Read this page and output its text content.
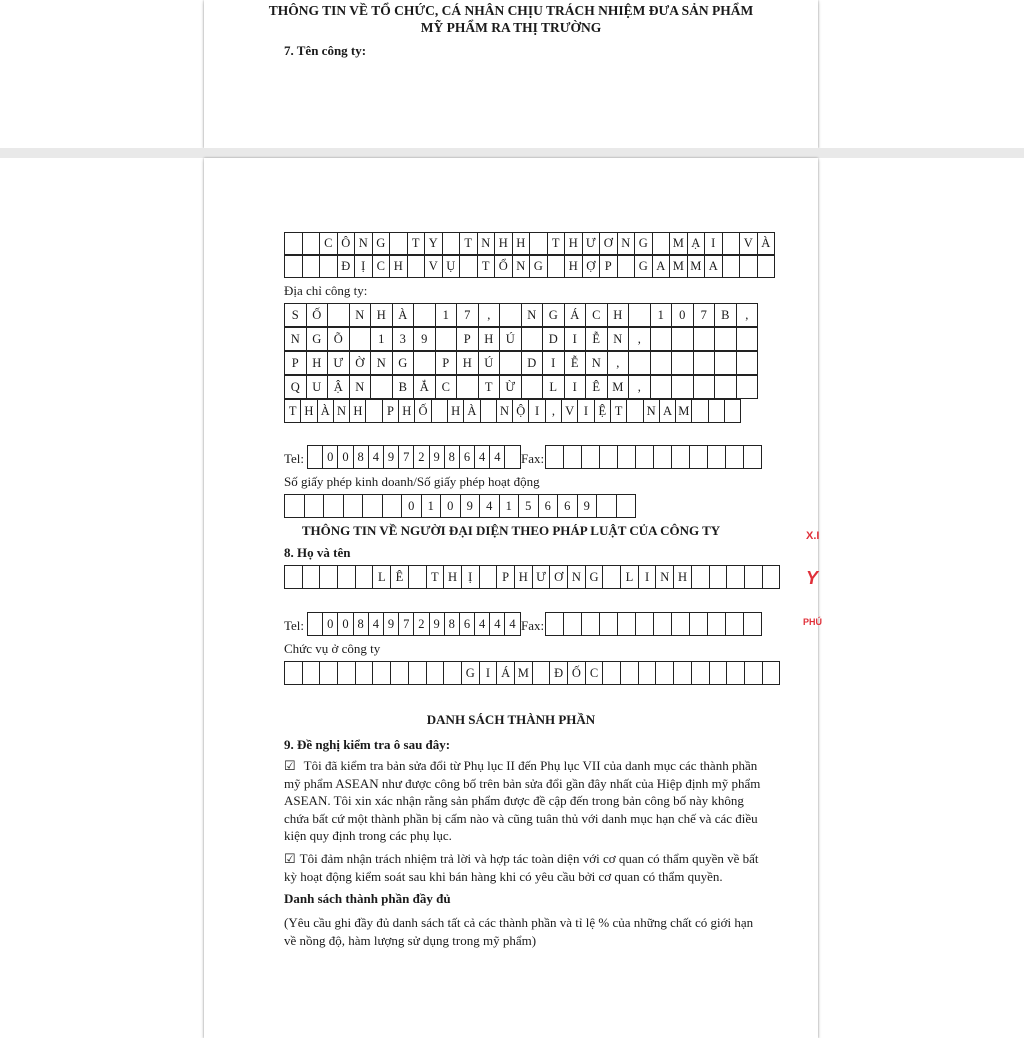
THÔNG TIN VỀ TỔ CHỨC, CÁ NHÂN CHỊU TRÁCH NHIỆM ĐƯA SẢN PHẨM
MỸ PHẨM RA THỊ TRƯỜNG
7. Tên công ty:
C Ô N G	T Y	T N H H	T H Ư Ơ N G	M Ạ I	V À
Đ Ị C H	V Ụ	T Ổ N G	H Ợ P	G A M M A
Địa chỉ công ty:
S	Ố	N H À	1	7	,	N G Á	C	H	1	0	7	B	,
N G Õ	1	3	9	P	H Ú	D	I	Ễ	N	,
P	H Ư Ờ N G	P	H Ú	D	I	Ễ	N	,
Q U Ậ N	B	Ắ	C	T	Ừ	L	I	Ê M	,
T H À N H	P H Ố	H À	N Ộ I	, V I Ệ T	N A M
Tel:	0 0 8 4 9 7 2 9 8 6 4 4	Fax:
Số giấy phép kinh doanh/Số giấy phép hoạt động
0	1	0	9	4	1	5	6	6	9
THÔNG TIN VỀ NGƯỜI ĐẠI DIỆN THEO PHÁP LUẬT CỦA CÔNG TY
8. Họ và tên
L Ê	T H Ị	P H Ư Ơ N G	L I N H
Tel:	0 0 8 4 9 7 2 9 8 6 4 4 4 Fax:
Chức vụ ở công ty
G I Á M	Đ Ố C
DANH SÁCH THÀNH PHẦN
9. Đề nghị kiểm tra ô sau đây:
☑ Tôi đã kiểm tra bản sửa đổi từ Phụ lục II đến Phụ lục VII của danh mục các thành phần
mỹ phẩm ASEAN như được công bố trên bản sửa đổi gần đây nhất của Hiệp định mỹ phẩm
ASEAN. Tôi xin xác nhận rằng sản phẩm được đề cập đến trong bản công bố này không
chứa bất cứ một thành phần bị cấm nào và cũng tuân thủ với danh mục hạn chế và các điều
kiện quy định trong các phụ lục.
☑ Tôi đảm nhận trách nhiệm trả lời và hợp tác toàn diện với cơ quan có thẩm quyền về bất
kỳ hoạt động kiểm soát sau khi bán hàng khi có yêu cầu bởi cơ quan có thẩm quyền.
Danh sách thành phần đầy đủ
(Yêu cầu ghi đầy đủ danh sách tất cả các thành phần và tỉ lệ % của những chất có giới hạn
về nồng độ, hàm lượng sử dụng trong mỹ phẩm)
X.I
Y
PHÚ
